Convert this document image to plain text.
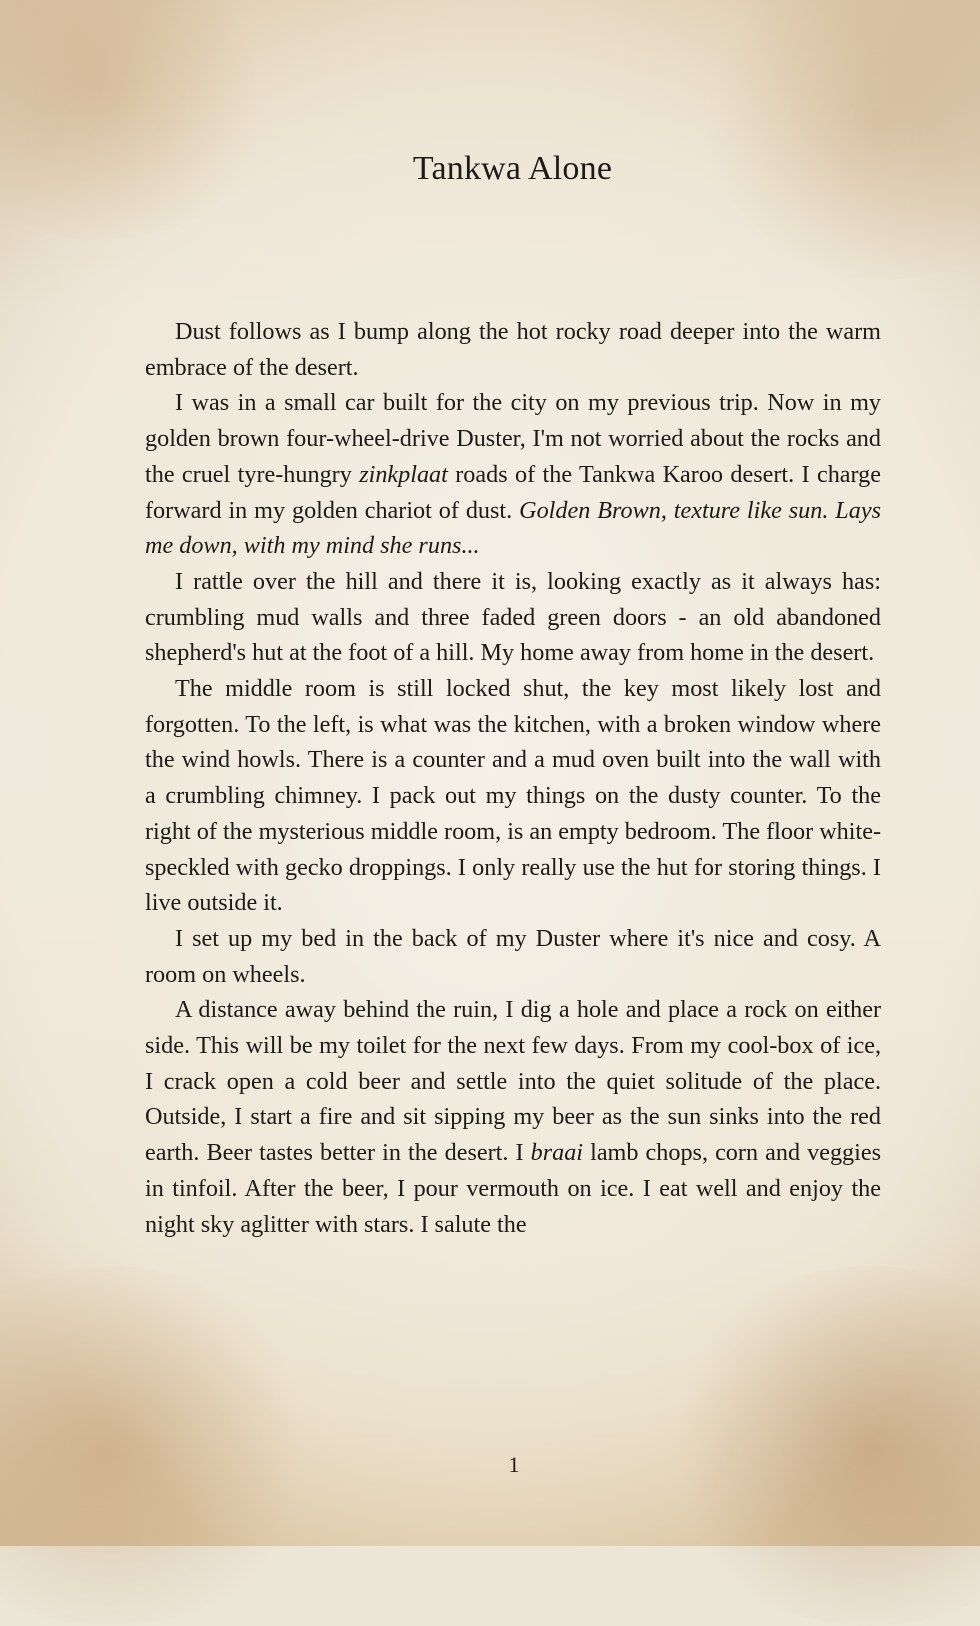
Tankwa Alone

Dust follows as I bump along the hot rocky road deeper into the warm embrace of the desert.

I was in a small car built for the city on my previous trip. Now in my golden brown four-wheel-drive Duster, I'm not worried about the rocks and the cruel tyre-hungry zinkplaat roads of the Tankwa Karoo desert. I charge forward in my golden chariot of dust. Golden Brown, texture like sun. Lays me down, with my mind she runs...

I rattle over the hill and there it is, looking exactly as it always has: crumbling mud walls and three faded green doors - an old abandoned shepherd's hut at the foot of a hill. My home away from home in the desert.

The middle room is still locked shut, the key most likely lost and forgotten. To the left, is what was the kitchen, with a broken window where the wind howls. There is a counter and a mud oven built into the wall with a crumbling chimney. I pack out my things on the dusty counter. To the right of the mysterious middle room, is an empty bedroom. The floor white-speckled with gecko droppings. I only really use the hut for storing things. I live outside it.

I set up my bed in the back of my Duster where it's nice and cosy. A room on wheels.

A distance away behind the ruin, I dig a hole and place a rock on either side. This will be my toilet for the next few days. From my cool-box of ice, I crack open a cold beer and settle into the quiet solitude of the place. Outside, I start a fire and sit sipping my beer as the sun sinks into the red earth. Beer tastes better in the desert. I braai lamb chops, corn and veggies in tinfoil. After the beer, I pour vermouth on ice. I eat well and enjoy the night sky aglitter with stars. I salute the

1
